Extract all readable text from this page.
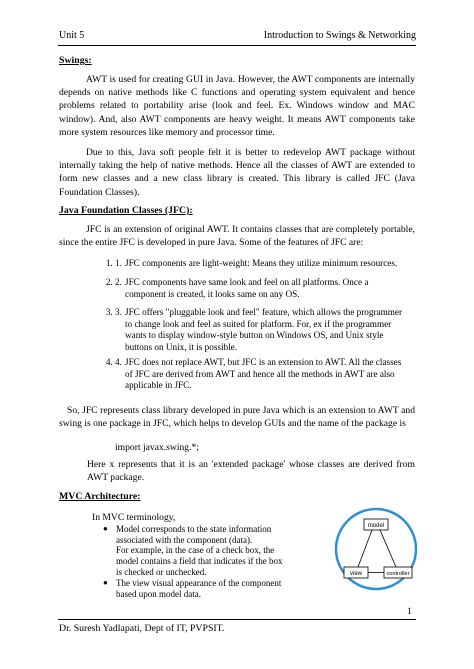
Unit 5	Introduction to Swings & Networking
Swings:

AWT is used for creating GUI in Java. However, the AWT components are internally depends on native methods like C functions and operating system equivalent and hence problems related to portability arise (look and feel. Ex. Windows window and MAC window). And, also AWT components are heavy weight. It means AWT components take more system resources like memory and processor time.

Due to this, Java soft people felt it is better to redevelop AWT package without internally taking the help of native methods. Hence all the classes of AWT are extended to form new classes and a new class library is created. This library is called JFC (Java Foundation Classes).

Java Foundation Classes (JFC):

JFC is an extension of original AWT. It contains classes that are completely portable, since the entire JFC is developed in pure Java. Some of the features of JFC are:

1. JFC components are light-weight: Means they utilize minimum resources.
2. JFC components have same look and feel on all platforms. Once a component is created, it looks same on any OS.
3. JFC offers "pluggable look and feel" feature, which allows the programmer to change look and feel as suited for platform. For, ex if the programmer wants to display window-style button on Windows OS, and Unix style buttons on Unix, it is possible.
4. JFC does not replace AWT, but JFC is an extension to AWT. All the classes of JFC are derived from AWT and hence all the methods in AWT are also applicable in JFC.

So, JFC represents class library developed in pure Java which is an extension to AWT and swing is one package in JFC, which helps to develop GUIs and the name of the package is

import javax.swing.*;

Here x represents that it is an 'extended package' whose classes are derived from AWT package.

MVC Architecture:
In MVC terminology,
● Model corresponds to the state information associated with the component (data).
For example, in the case of a check box, the model contains a field that indicates if the box is checked or unchecked.
● The view visual appearance of the component based upon model data.
model
view	controller
1
Dr. Suresh Yadlapati, Dept of IT, PVPSIT.
